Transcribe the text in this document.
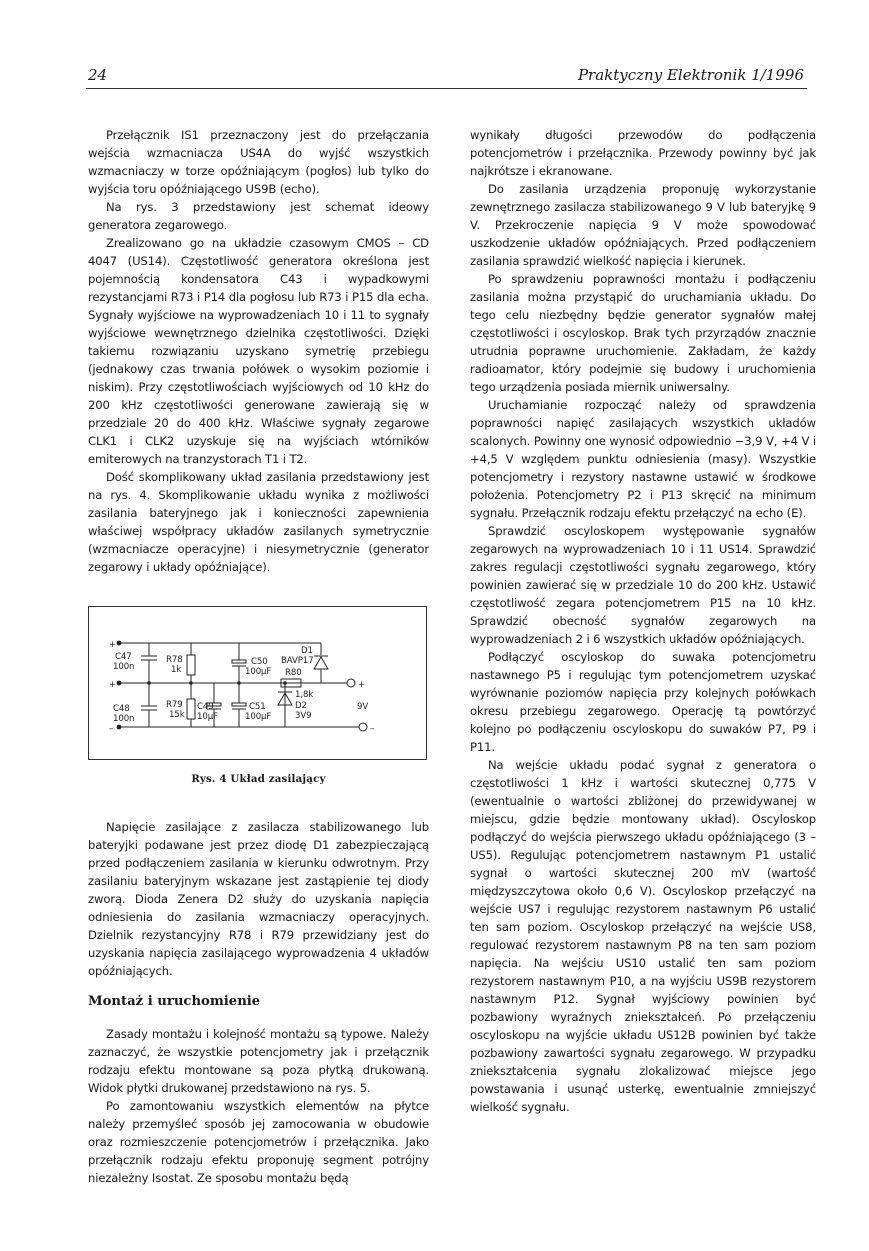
24	Praktyczny Elektronik 1/1996

Przełącznik IS1 przeznaczony jest do przełączania wejścia wzmacniacza US4A do wyjść wszystkich wzmacniaczy w torze opóźniającym (pogłos) lub tylko do wyjścia toru opóźniającego US9B (echo).

Na rys. 3 przedstawiony jest schemat ideowy generatora zegarowego.

Zrealizowano go na układzie czasowym CMOS – CD 4047 (US14). Częstotliwość generatora określona jest pojemnością kondensatora C43 i wypadkowymi rezystancjami R73 i P14 dla pogłosu lub R73 i P15 dla echa. Sygnały wyjściowe na wyprowadzeniach 10 i 11 to sygnały wyjściowe wewnętrznego dzielnika częstotliwości. Dzięki takiemu rozwiązaniu uzyskano symetrię przebiegu (jednakowy czas trwania połówek o wysokim poziomie i niskim). Przy częstotliwościach wyjściowych od 10 kHz do 200 kHz częstotliwości generowane zawierają się w przedziale 20 do 400 kHz. Właściwe sygnały zegarowe CLK1 i CLK2 uzyskuje się na wyjściach wtórników emiterowych na tranzystorach T1 i T2.

Dość skomplikowany układ zasilania przedstawiony jest na rys. 4. Skomplikowanie układu wynika z możliwości zasilania bateryjnego jak i konieczności zapewnienia właściwej współpracy układów zasilanych symetrycznie (wzmacniacze operacyjne) i niesymetrycznie (generator zegarowy i układy opóźniające).

+
+
–
C47
100n
R78
1k
C48
100n
R79
15k
C49
10µF
C50
100µF
C51
100µF
D1
BAVP17
R80
1,8k
D2
3V9
+
–
9V
Rys. 4 Układ zasilający

Napięcie zasilające z zasilacza stabilizowanego lub bateryjki podawane jest przez diodę D1 zabezpieczającą przed podłączeniem zasilania w kierunku odwrotnym. Przy zasilaniu bateryjnym wskazane jest zastąpienie tej diody zworą. Dioda Zenera D2 służy do uzyskania napięcia odniesienia do zasilania wzmacniaczy operacyjnych. Dzielnik rezystancyjny R78 i R79 przewidziany jest do uzyskania napięcia zasilającego wyprowadzenia 4 układów opóźniających.

Montaż i uruchomienie

Zasady montażu i kolejność montażu są typowe. Należy zaznaczyć, że wszystkie potencjometry jak i przełącznik rodzaju efektu montowane są poza płytką drukowaną. Widok płytki drukowanej przedstawiono na rys. 5.

Po zamontowaniu wszystkich elementów na płytce należy przemyśleć sposób jej zamocowania w obudowie oraz rozmieszczenie potencjometrów i przełącznika. Jako przełącznik rodzaju efektu proponuję segment potrójny niezależny Isostat. Ze sposobu montażu będą

wynikały długości przewodów do podłączenia potencjometrów i przełącznika. Przewody powinny być jak najkrótsze i ekranowane.

Do zasilania urządzenia proponuję wykorzystanie zewnętrznego zasilacza stabilizowanego 9 V lub bateryjkę 9 V. Przekroczenie napięcia 9 V może spowodować uszkodzenie układów opóźniających. Przed podłączeniem zasilania sprawdzić wielkość napięcia i kierunek.

Po sprawdzeniu poprawności montażu i podłączeniu zasilania można przystąpić do uruchamiania układu. Do tego celu niezbędny będzie generator sygnałów małej częstotliwości i oscyloskop. Brak tych przyrządów znacznie utrudnia poprawne uruchomienie. Zakładam, że każdy radioamator, który podejmie się budowy i uruchomienia tego urządzenia posiada miernik uniwersalny.

Uruchamianie rozpocząć należy od sprawdzenia poprawności napięć zasilających wszystkich układów scalonych. Powinny one wynosić odpowiednio −3,9 V, +4 V i +4,5 V względem punktu odniesienia (masy). Wszystkie potencjometry i rezystory nastawne ustawić w środkowe położenia. Potencjometry P2 i P13 skręcić na minimum sygnału. Przełącznik rodzaju efektu przełączyć na echo (E).

Sprawdzić oscyloskopem występowanie sygnałów zegarowych na wyprowadzeniach 10 i 11 US14. Sprawdzić zakres regulacji częstotliwości sygnału zegarowego, który powinien zawierać się w przedziale 10 do 200 kHz. Ustawić częstotliwość zegara potencjometrem P15 na 10 kHz. Sprawdzić obecność sygnałów zegarowych na wyprowadzeniach 2 i 6 wszystkich układów opóźniających.

Podłączyć oscyloskop do suwaka potencjometru nastawnego P5 i regulując tym potencjometrem uzyskać wyrównanie poziomów napięcia przy kolejnych połówkach okresu przebiegu zegarowego. Operację tą powtórzyć kolejno po podłączeniu oscyloskopu do suwaków P7, P9 i P11.

Na wejście układu podać sygnał z generatora o częstotliwości 1 kHz i wartości skutecznej 0,775 V (ewentualnie o wartości zbliżonej do przewidywanej w miejscu, gdzie będzie montowany układ). Oscyloskop podłączyć do wejścia pierwszego układu opóźniającego (3 – US5). Regulując potencjometrem nastawnym P1 ustalić sygnał o wartości skutecznej 200 mV (wartość międzyszczytowa około 0,6 V). Oscyloskop przełączyć na wejście US7 i regulując rezystorem nastawnym P6 ustalić ten sam poziom. Oscyloskop przełączyć na wejście US8, regulować rezystorem nastawnym P8 na ten sam poziom napięcia. Na wejściu US10 ustalić ten sam poziom rezystorem nastawnym P10, a na wyjściu US9B rezystorem nastawnym P12. Sygnał wyjściowy powinien być pozbawiony wyraźnych zniekształceń. Po przełączeniu oscyloskopu na wyjście układu US12B powinien być także pozbawiony zawartości sygnału zegarowego. W przypadku zniekształcenia sygnału zlokalizować miejsce jego powstawania i usunąć usterkę, ewentualnie zmniejszyć wielkość sygnału.
